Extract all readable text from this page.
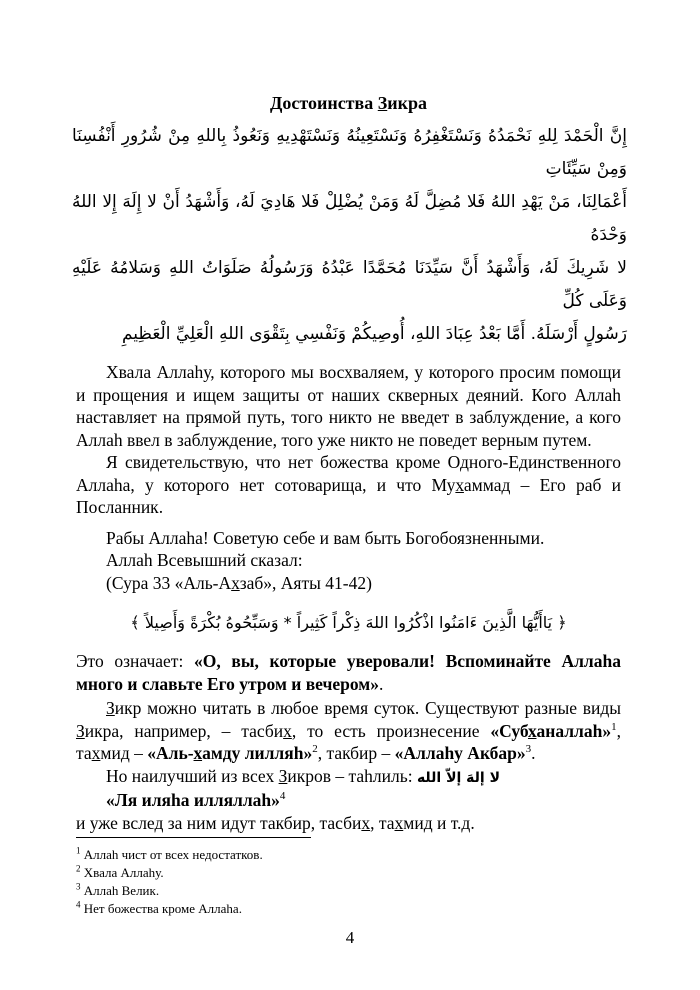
Достоинства Зикра
إِنَّ الْحَمْدَ لِلهِ نَحْمَدُهُ وَنَسْتَغْفِرُهُ وَنَسْتَعِينُهُ وَنَسْتَهْدِيهِ وَنَعُوذُ بِاللهِ مِنْ شُرُورِ أَنْفُسِنَا وَمِنْ سَيِّئَاتِ
أَعْمَالِنَا، مَنْ يَهْدِ اللهُ فَلا مُضِلَّ لَهُ وَمَنْ يُضْلِلْ فَلا هَادِيَ لَهُ، وَأَشْهَدُ أَنْ لا إِلَهَ إِلا اللهُ وَحْدَهُ
لا شَرِيكَ لَهُ، وَأَشْهَدُ أَنَّ سَيِّدَنَا مُحَمَّدًا عَبْدُهُ وَرَسُولُهُ صَلَوَاتُ اللهِ وَسَلامُهُ عَلَيْهِ وَعَلَى كُلِّ
رَسُولٍ أَرْسَلَهُ. أَمَّا بَعْدُ عِبَادَ اللهِ، أُوصِيكُمْ وَنَفْسِي بِتَقْوَى اللهِ الْعَلِيِّ الْعَظِيمِ

Хвала Аллаhу, которого мы восхваляем, у которого просим помощи и прощения и ищем защиты от наших скверных деяний. Кого Аллаh наставляет на прямой путь, того никто не введет в заблуждение, а кого Аллаh ввел в заблуждение, того уже никто не поведет верным путем.

Я свидетельствую, что нет божества кроме Одного-Единственного Аллаhа, у которого нет сотоварища, и что Мухаммад – Его раб и Посланник.

Рабы Аллаhа! Советую себе и вам быть Богобоязненными.

Аллаh Всевышний сказал:

(Сура 33 «Аль-Ахзаб», Аяты 41-42)

﴿ يَاأَيُّهَا الَّذِينَ ءَامَنُوا اذْكُرُوا اللهَ ذِكْراً كَثِيراً * وَسَبِّحُوهُ بُكْرَةً وَأَصِيلاً ﴾

Это означает: «О, вы, которые уверовали! Вспоминайте Аллаhа много и славьте Его утром и вечером».

Зикр можно читать в любое время суток. Существуют разные виды Зикра, например, – тасбих, то есть произнесение «Субханаллаh»$^1$, тахмид – «Аль-хамду лилляh»$^2$, такбир – «Аллаhу Акбар»$^3$.

Но наилучший из всех Зикров – таhлиль: لا إلهَ إلاّ الله

«Ля иляhа илляллаh»$^4$

и уже вслед за ним идут такбир, тасбих, тахмид и т.д.

$^1$ Аллаh чист от всех недостатков.

$^2$ Хвала Аллаhу.

$^3$ Аллаh Велик.

$^4$ Нет божества кроме Аллаhа.

4
